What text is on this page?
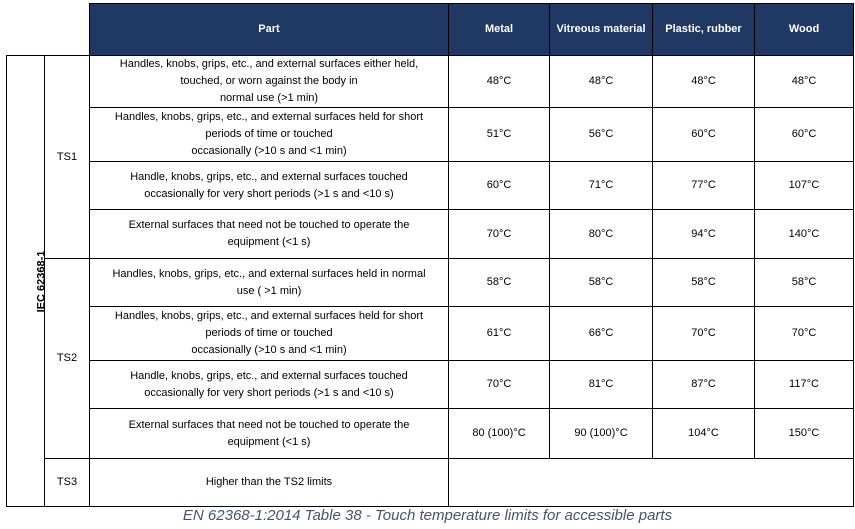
		Part	Metal	Vitreous material	Plastic, rubber	Wood
IEC 62368-1	TS1	Handles, knobs, grips, etc., and external surfaces either held,
touched, or worn against the body in
normal use (>1 min)	48°C	48°C	48°C	48°C

		Handles, knobs, grips, etc., and external surfaces held for short
periods of time or touched
occasionally (>10 s and <1 min)	51°C	56°C	60°C	60°C

		Handle, knobs, grips, etc., and external surfaces touched
occasionally for very short periods (>1 s and <10 s)	60°C	71°C	77°C	107°C

		External surfaces that need not be touched to operate the
equipment (<1 s)	70°C	80°C	94°C	140°C
	TS2	Handles, knobs, grips, etc., and external surfaces held in normal
use ( >1 min)	58°C	58°C	58°C	58°C

		Handles, knobs, grips, etc., and external surfaces held for short
periods of time or touched
occasionally (>10 s and <1 min)	61°C	66°C	70°C	70°C

		Handle, knobs, grips, etc., and external surfaces touched
occasionally for very short periods (>1 s and <10 s)	70°C	81°C	87°C	117°C

		External surfaces that need not be touched to operate the
equipment (<1 s)	80 (100)°C	90 (100)°C	104°C	150°C
	TS3	Higher than the TS2 limits				

EN 62368-1:2014 Table 38 - Touch temperature limits for accessible parts
